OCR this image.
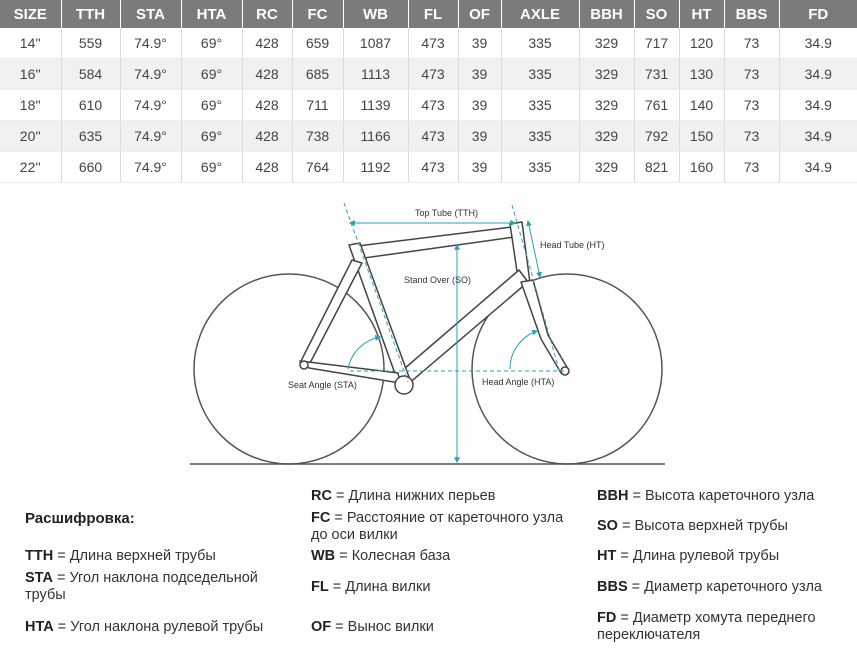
SIZE	TTH	STA	HTA	RC	FC	WB	FL	OF	AXLE	BBH	SO	HT	BBS	FD
14''	559	74.9°	69°	428	659	1087	473	39	335	329	717	120	73	34.9
16''	584	74.9°	69°	428	685	1113	473	39	335	329	731	130	73	34.9
18''	610	74.9°	69°	428	711	1139	473	39	335	329	761	140	73	34.9
20''	635	74.9°	69°	428	738	1166	473	39	335	329	792	150	73	34.9
22''	660	74.9°	69°	428	764	1192	473	39	335	329	821	160	73	34.9
Top Tube (TTH)
Head Tube (HT)
Stand Over (SO)
Seat Angle (STA)	Head Angle (HTA)
Расшифровка:
TTH = Длина верхней трубы
STA = Угол наклона подседельной трубы
HTA = Угол наклона рулевой трубы
RC = Длина нижних перьев
FC = Расстояние от кареточного узла до оси вилки
WB = Колесная база
FL = Длина вилки
OF = Вынос вилки
BBH = Высота кареточного узла
SO = Высота верхней трубы
HT = Длина рулевой трубы
BBS = Диаметр кареточного узла
FD = Диаметр хомута переднего переключателя
